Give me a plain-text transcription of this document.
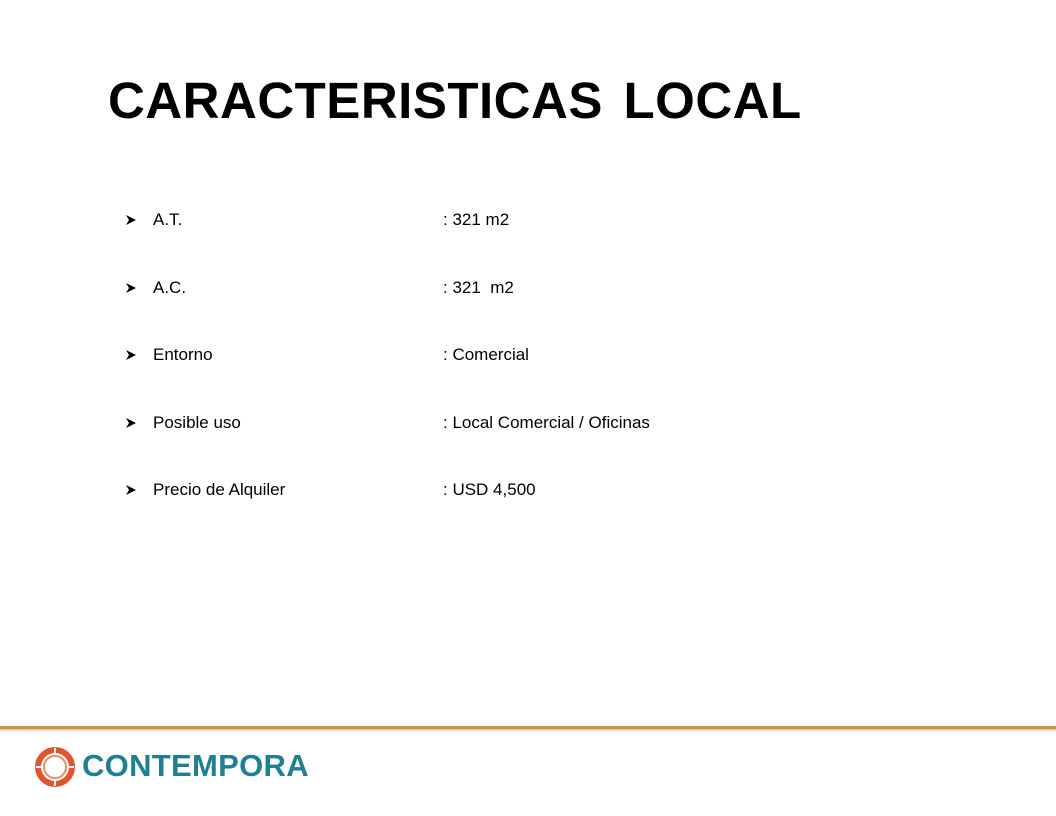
CARACTERISTICAS LOCAL
A.T.	: 321 m2
A.C.	: 321  m2
Entorno	: Comercial
Posible uso	: Local Comercial / Oficinas
Precio de Alquiler	: USD 4,500
CONTEMPORA
